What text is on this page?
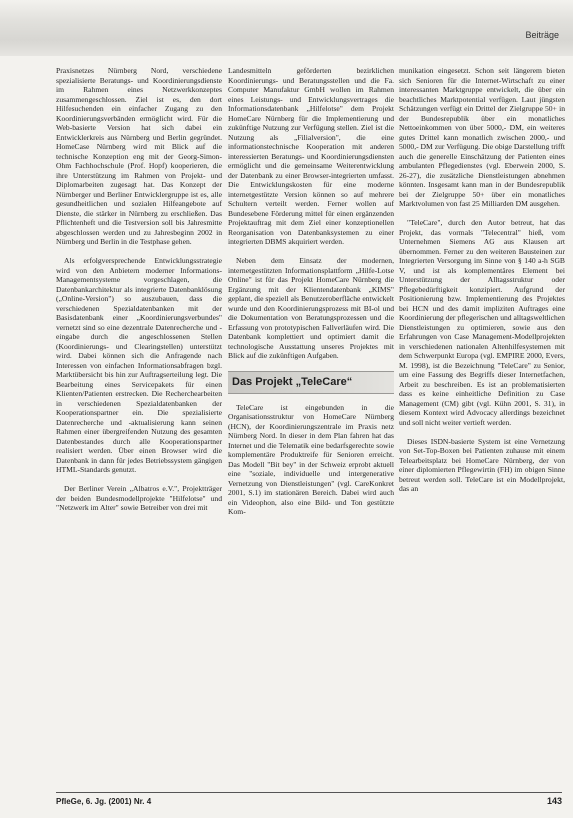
Beiträge

Praxisnetzes Nürnberg Nord, verschiedene spezialisierte Beratungs- und Koordinierungsdienste im Rahmen eines Netzwerkkonzeptes zusammengeschlossen. Ziel ist es, den dort Hilfesuchenden ein einfacher Zugang zu den Koordinierungsverbänden ermöglicht wird. Für die Web-basierte Version hat sich dabei ein Entwicklerkreis aus Nürnberg und Berlin gegründet. HomeCase Nürnberg wird mit Blick auf die technische Konzeption eng mit der Georg-Simon-Ohm Fachhochschule (Prof. Hopf) kooperieren, die ihre Unterstützung im Rahmen von Projekt- und Diplomarbeiten zugesagt hat. Das Konzept der Nürnberger und Berliner Entwicklergruppe ist es, alle gesundheitlichen und sozialen Hilfeangebote auf Dienste, die stärker in Nürnberg zu erschließen. Das Pflichtenheft und die Testversion soll bis Jahresmitte abgeschlossen werden und zu Jahresbeginn 2002 in Nürnberg und Berlin in die Testphase gehen.

Als erfolgversprechende Entwicklungsstrategie wird von den Anbietern moderner Informations-Managementsysteme vorgeschlagen, die Datenbankarchitektur als integrierte Datenbanklösung („Online-Version") so auszubauen, dass die verschiedenen Spezialdatenbanken mit der Basisdatenbank einer „Koordinierungsverbundes" vernetzt sind so eine dezentrale Datenrecherche und -eingabe durch die angeschlossenen Stellen (Koordinierungs- und Clearingstellen) unterstützt wird. Dabei können sich die Anfragende nach Interessen von einfachen Informationsabfragen bzgl. Marktübersicht bis hin zur Auftragserteilung legt. Die Bearbeitung eines Servicepakets für einen Klienten/Patienten erstrecken. Die Recherchearbeiten in verschiedenen Spezialdatenbanken der Kooperationspartner ein. Die spezialisierte Datenrecherche und -aktualisierung kann seinen Rahmen einer übergreifenden Nutzung des gesamten Datenbestandes durch alle Kooperationspartner realisiert werden. Über einen Browser wird die Datenbank in dann für jedes Betriebssystem gängigen HTML-Standards genutzt.

Der Berliner Verein „Albatros e.V.", Projektträger der beiden Bundesmodellprojekte "Hilfelotse" und "Netzwerk im Alter" sowie Betreiber von drei mit

Landesmitteln geförderten bezirklichen Koordinierungs- und Beratungsstellen und die Fa. Computer Manufaktur GmbH wollen im Rahmen eines Leistungs- und Entwicklungsvertrages die Informationsdatenbank „Hilfelotse" dem Projekt HomeCare Nürnberg für die Implementierung und zukünftige Nutzung zur Verfügung stellen. Ziel ist die Nutzung als „Filialversion", die eine informationstechnische Kooperation mit anderen interessierten Beratungs- und Koordinierungsdiensten ermöglicht und die gemeinsame Weiterentwicklung der Datenbank zu einer Browser-integrierten umfasst. Die Entwicklungskosten für eine moderne internetgestützte Version können so auf mehrere Schultern verteilt werden. Ferner wollen auf Bundesebene Förderung mittel für einen ergänzenden Projektauftrag mit dem Ziel einer konzeptionellen Reorganisation von Datenbanksystemen zu einer integrierten DBMS akquiriert werden.

Neben dem Einsatz der modernen, internetgestützten Informationsplattform „Hilfe-Lotse Online" ist für das Projekt HomeCare Nürnberg die Ergänzung mit der Klientendatenbank „KIMS" geplant, die speziell als Benutzeroberfläche entwickelt wurde und den Koordinierungsprozess mit BI-ol und die Dokumentation von Beratungsprozessen und die Erfassung von prototypischen Fallverläufen wird. Die Datenbank komplettiert und optimiert damit die technologische Ausstattung unseres Projektes mit Blick auf die zukünftigen Aufgaben.

Das Projekt „TeleCare“

TeleCare ist eingebunden in die Organisationsstruktur von HomeCare Nürnberg (HCN), der Koordinierungszentrale im Praxis netz Nürnberg Nord. In dieser in dem Plan fahren hat das Internet und die Telematik eine bedarfsgerechte sowie komplementäre Produktreife für Senioren erreicht. Das Modell "Bit bey" in der Schweiz erprobt aktuell eine "soziale, individuelle und intergenerative Vernetzung von Dienstleistungen" (vgl. CareKonkret 2001, S.1) im stationären Bereich. Dabei wird auch ein Videophon, also eine Bild- und Ton gestützte Kom-

munikation eingesetzt. Schon seit längerem bieten sich Senioren für die Internet-Wirtschaft zu einer interessanten Marktgruppe entwickelt, die über ein beachtliches Marktpotential verfügen. Laut jüngsten Schätzungen verfügt ein Drittel der Zielgruppe 50+ in der Bundesrepublik über ein monatliches Nettoeinkommen von über 5000,- DM, ein weiteres gutes Drittel kann monatlich zwischen 2000,- und 5000,- DM zur Verfügung. Die obige Darstellung trifft auch die generelle Einschätzung der Patienten eines ambulanten Pflegedienstes (vgl. Eberwein 2000, S. 26-27), die zusätzliche Dienstleistungen abnehmen könnten. Insgesamt kann man in der Bundesrepublik bei der Zielgruppe 50+ über ein monatliches Marktvolumen von fast 25 Milliarden DM ausgehen.

"TeleCare", durch den Autor betreut, hat das Projekt, das vormals "Telecentral" hieß, vom Unternehmen Siemens AG aus Klausen art übernommen. Ferner zu den weiteren Bausteinen zur Integrierten Versorgung im Sinne von § 140 a-h SGB V, und ist als komplementäres Element bei Unterstützung der Alltagsstruktur oder Pflegebedürftigkeit konzipiert. Aufgrund der Positionierung bzw. Implementierung des Projektes bei HCN und des damit impliziten Auftrages eine Koordinierung der pflegerischen und alltagsweltlichen Dienstleistungen zu optimieren, sowie aus den Erfahrungen von Case Management-Modellprojekten in verschiedenen nationalen Altenhilfesystemen mit dem Schwerpunkt Europa (vgl. EMPIRE 2000, Evers, M. 1998), ist die Bezeichnung "TeleCare" zu Senior, um eine Fassung des Begriffs dieser Internetfachen, Arbeit zu beschreiben. Es ist an problematisierten dass es keine einheitliche Definition zu Case Management (CM) gibt (vgl. Kühn 2001, S. 31), in diesem Kontext wird Advocacy allerdings bezeichnet und soll nicht weiter vertieft werden.

Dieses ISDN-basierte System ist eine Vernetzung von Set-Top-Boxen bei Patienten zuhause mit einem Telearbeitsplatz bei HomeCare Nürnberg, der von einer diplomierten Pflegewirtin (FH) im obigen Sinne betreut werden soll. TeleCare ist ein Modellprojekt, das an

PfleGe, 6. Jg. (2001) Nr. 4	143
